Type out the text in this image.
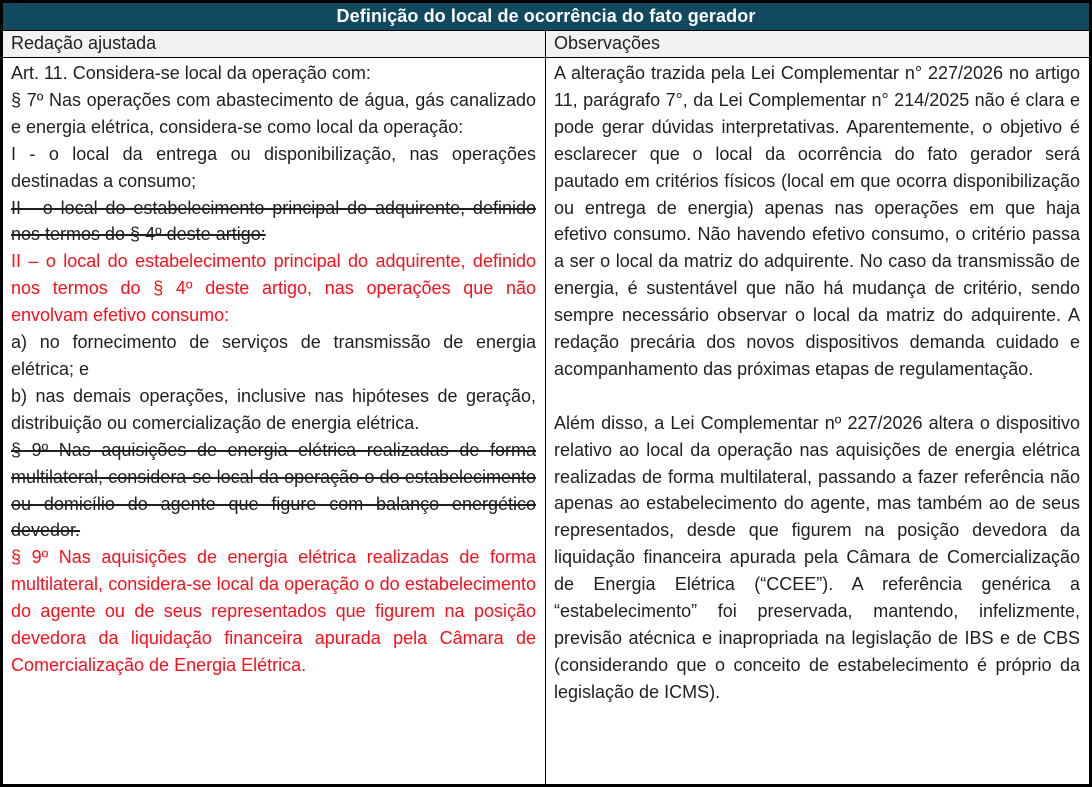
Definição do local de ocorrência do fato gerador
Redação ajustada	Observações

Art. 11. Considera-se local da operação com:

§ 7º Nas operações com abastecimento de água, gás canalizado e energia elétrica, considera-se como local da operação:

I - o local da entrega ou disponibilização, nas operações destinadas a consumo;

II - o local do estabelecimento principal do adquirente, definido nos termos do § 4º deste artigo:

II – o local do estabelecimento principal do adquirente, definido nos termos do § 4º deste artigo, nas operações que não envolvam efetivo consumo:

a) no fornecimento de serviços de transmissão de energia elétrica; e

b) nas demais operações, inclusive nas hipóteses de geração, distribuição ou comercialização de energia elétrica.

§ 9º Nas aquisições de energia elétrica realizadas de forma multilateral, considera-se local da operação o do estabelecimento ou domicílio do agente que figure com balanço energético devedor.

§ 9º Nas aquisições de energia elétrica realizadas de forma multilateral, considera-se local da operação o do estabelecimento do agente ou de seus representados que figurem na posição devedora da liquidação financeira apurada pela Câmara de Comercialização de Energia Elétrica.

A alteração trazida pela Lei Complementar n° 227/2026 no artigo 11, parágrafo 7°, da Lei Complementar n° 214/2025 não é clara e pode gerar dúvidas interpretativas. Aparentemente, o objetivo é esclarecer que o local da ocorrência do fato gerador será pautado em critérios físicos (local em que ocorra disponibilização ou entrega de energia) apenas nas operações em que haja efetivo consumo. Não havendo efetivo consumo, o critério passa a ser o local da matriz do adquirente. No caso da transmissão de energia, é sustentável que não há mudança de critério, sendo sempre necessário observar o local da matriz do adquirente. A redação precária dos novos dispositivos demanda cuidado e acompanhamento das próximas etapas de regulamentação.

Além disso, a Lei Complementar nº 227/2026 altera o dispositivo relativo ao local da operação nas aquisições de energia elétrica realizadas de forma multilateral, passando a fazer referência não apenas ao estabelecimento do agente, mas também ao de seus representados, desde que figurem na posição devedora da liquidação financeira apurada pela Câmara de Comercialização de Energia Elétrica (“CCEE”). A referência genérica a “estabelecimento” foi preservada, mantendo, infelizmente, previsão atécnica e inapropriada na legislação de IBS e de CBS (considerando que o conceito de estabelecimento é próprio da legislação de ICMS).
